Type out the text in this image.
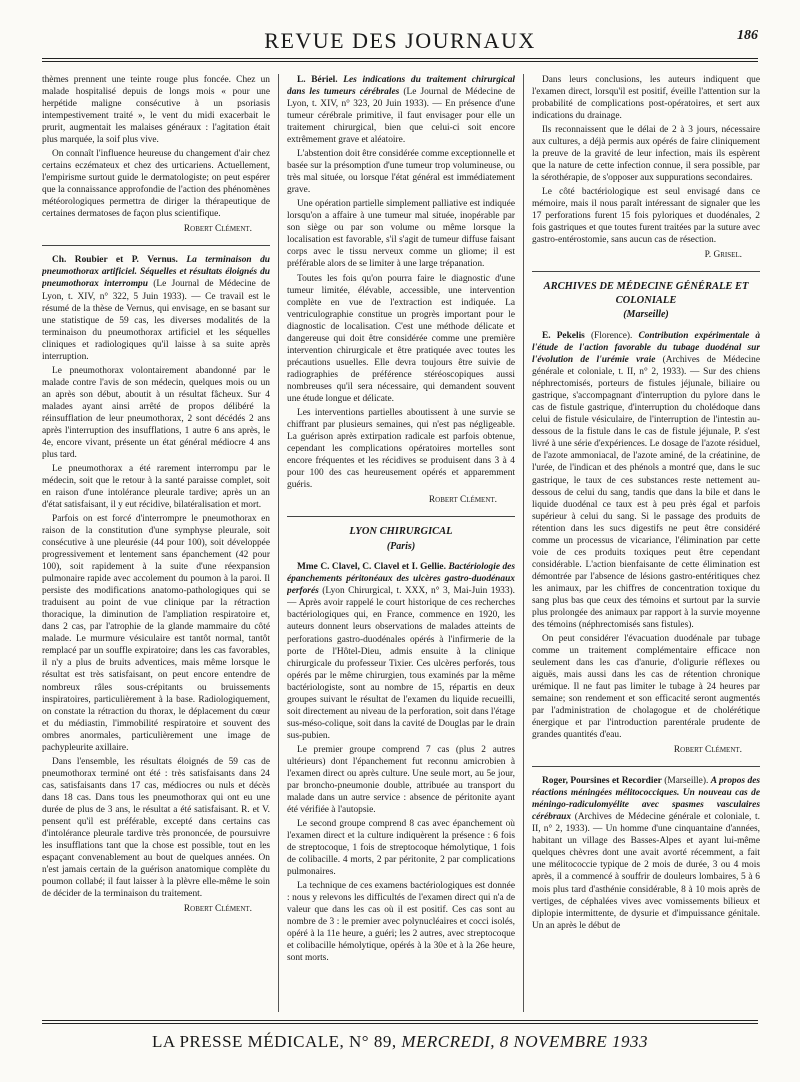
REVUE DES JOURNAUX	186

thèmes prennent une teinte rouge plus foncée. Chez un malade hospitalisé depuis de longs mois « pour une herpétide maligne consécutive à un psoriasis intempestivement traité », le vent du midi exacerbait le prurit, augmentait les malaises généraux : l'agitation était plus marquée, la soif plus vive.

On connaît l'influence heureuse du changement d'air chez certains eczémateux et chez des urticariens. Actuellement, l'empirisme surtout guide le dermatologiste; on peut espérer que la connaissance approfondie de l'action des phénomènes météorologiques permettra de diriger la thérapeutique de certaines dermatoses de façon plus scientifique.

Robert Clément.

Ch. Roubier et P. Vernus. La terminaison du pneumothorax artificiel. Séquelles et résultats éloignés du pneumothorax interrompu (Le Journal de Médecine de Lyon, t. XIV, n° 322, 5 Juin 1933). — Ce travail est le résumé de la thèse de Vernus, qui envisage, en se basant sur une statistique de 59 cas, les diverses modalités de la terminaison du pneumothorax artificiel et les séquelles cliniques et radiologiques qu'il laisse à sa suite après interruption.

Le pneumothorax volontairement abandonné par le malade contre l'avis de son médecin, quelques mois ou un an après son début, aboutit à un résultat fâcheux. Sur 4 malades ayant ainsi arrêté de propos délibéré la réinsufflation de leur pneumothorax, 2 sont décédés 2 ans après l'interruption des insufflations, 1 autre 6 ans après, le 4e, encore vivant, présente un état général médiocre 4 ans plus tard.

Le pneumothorax a été rarement interrompu par le médecin, soit que le retour à la santé paraisse complet, soit en raison d'une intolérance pleurale tardive; après un an d'état satisfaisant, il y eut récidive, bilatéralisation et mort.

Parfois on est forcé d'interrompre le pneumothorax en raison de la constitution d'une symphyse pleurale, soit consécutive à une pleurésie (44 pour 100), soit développée progressivement et lentement sans épanchement (42 pour 100), soit rapidement à la suite d'une réexpansion pulmonaire rapide avec accolement du poumon à la paroi. Il persiste des modifications anatomo-pathologiques qui se traduisent au point de vue clinique par la rétraction thoracique, la diminution de l'ampliation respiratoire et, dans 2 cas, par l'atrophie de la glande mammaire du côté malade. Le murmure vésiculaire est tantôt normal, tantôt remplacé par un souffle expiratoire; dans les cas favorables, il n'y a plus de bruits adventices, mais même lorsque le résultat est très satisfaisant, on peut encore entendre de nombreux râles sous-crépitants ou bruissements inspiratoires, particulièrement à la base. Radiologiquement, on constate la rétraction du thorax, le déplacement du cœur et du médiastin, l'immobilité respiratoire et souvent des ombres anormales, particulièrement une image de pachypleurite axillaire.

Dans l'ensemble, les résultats éloignés de 59 cas de pneumothorax terminé ont été : très satisfaisants dans 24 cas, satisfaisants dans 17 cas, médiocres ou nuls et décès dans 18 cas. Dans tous les pneumothorax qui ont eu une durée de plus de 3 ans, le résultat a été satisfaisant. R. et V. pensent qu'il est préférable, excepté dans certains cas d'intolérance pleurale tardive très prononcée, de poursuivre les insufflations tant que la chose est possible, tout en les espaçant convenablement au bout de quelques années. On n'est jamais certain de la guérison anatomique complète du poumon collabé; il faut laisser à la plèvre elle-même le soin de décider de la terminaison du traitement.

Robert Clément.

L. Bériel. Les indications du traitement chirurgical dans les tumeurs cérébrales (Le Journal de Médecine de Lyon, t. XIV, n° 323, 20 Juin 1933). — En présence d'une tumeur cérébrale primitive, il faut envisager pour elle un traitement chirurgical, bien que celui-ci soit encore extrêmement grave et aléatoire.

L'abstention doit être considérée comme exceptionnelle et basée sur la présomption d'une tumeur trop volumineuse, ou très mal située, ou lorsque l'état général est immédiatement grave.

Une opération partielle simplement palliative est indiquée lorsqu'on a affaire à une tumeur mal située, inopérable par son siège ou par son volume ou même lorsque la localisation est favorable, s'il s'agit de tumeur diffuse faisant corps avec le tissu nerveux comme un gliome; il est préférable alors de se limiter à une large trépanation.

Toutes les fois qu'on pourra faire le diagnostic d'une tumeur limitée, élévable, accessible, une intervention complète en vue de l'extraction est indiquée. La ventriculographie constitue un progrès important pour le diagnostic de localisation. C'est une méthode délicate et dangereuse qui doit être considérée comme une première intervention chirurgicale et être pratiquée avec toutes les précautions usuelles. Elle devra toujours être suivie de radiographies de préférence stéréoscopiques aussi nombreuses qu'il sera nécessaire, qui demandent souvent une étude longue et délicate.

Les interventions partielles aboutissent à une survie se chiffrant par plusieurs semaines, qui n'est pas négligeable. La guérison après extirpation radicale est parfois obtenue, cependant les complications opératoires mortelles sont encore fréquentes et les récidives se produisent dans 3 à 4 pour 100 des cas heureusement opérés et apparemment guéris.

Robert Clément.
LYON CHIRURGICAL
(Paris)

Mme C. Clavel, C. Clavel et I. Gellie. Bactériologie des épanchements péritonéaux des ulcères gastro-duodénaux perforés (Lyon Chirurgical, t. XXX, n° 3, Mai-Juin 1933). — Après avoir rappelé le court historique de ces recherches bactériologiques qui, en France, commence en 1920, les auteurs donnent leurs observations de malades atteints de perforations gastro-duodénales opérés à l'infirmerie de la porte de l'Hôtel-Dieu, admis ensuite à la clinique chirurgicale du professeur Tixier. Ces ulcères perforés, tous opérés par le même chirurgien, tous examinés par la même bactériologiste, sont au nombre de 15, répartis en deux groupes suivant le résultat de l'examen du liquide recueilli, soit directement au niveau de la perforation, soit dans l'étage sus-méso-colique, soit dans la cavité de Douglas par le drain sus-pubien.

Le premier groupe comprend 7 cas (plus 2 autres ultérieurs) dont l'épanchement fut reconnu amicrobien à l'examen direct ou après culture. Une seule mort, au 5e jour, par broncho-pneumonie double, attribuée au transport du malade dans un autre service : absence de péritonite ayant été vérifiée à l'autopsie.

Le second groupe comprend 8 cas avec épanchement où l'examen direct et la culture indiquèrent la présence : 6 fois de streptocoque, 1 fois de streptocoque hémolytique, 1 fois de colibacille. 4 morts, 2 par péritonite, 2 par complications pulmonaires.

La technique de ces examens bactériologiques est donnée : nous y relevons les difficultés de l'examen direct qui n'a de valeur que dans les cas où il est positif. Ces cas sont au nombre de 3 : le premier avec polynucléaires et cocci isolés, opéré à la 11e heure, a guéri; les 2 autres, avec streptocoque et colibacille hémolytique, opérés à la 30e et à la 26e heure, sont morts.

Dans leurs conclusions, les auteurs indiquent que l'examen direct, lorsqu'il est positif, éveille l'attention sur la probabilité de complications post-opératoires, et sert aux indications du drainage.

Ils reconnaissent que le délai de 2 à 3 jours, nécessaire aux cultures, a déjà permis aux opérés de faire cliniquement la preuve de la gravité de leur infection, mais ils espèrent que la nature de cette infection connue, il sera possible, par la sérothérapie, de s'opposer aux suppurations secondaires.

Le côté bactériologique est seul envisagé dans ce mémoire, mais il nous paraît intéressant de signaler que les 17 perforations furent 15 fois pyloriques et duodénales, 2 fois gastriques et que toutes furent traitées par la suture avec gastro-entérostomie, sans aucun cas de résection.

P. Grisel.
ARCHIVES DE MÉDECINE GÉNÉRALE ET COLONIALE
(Marseille)

E. Pekelis (Florence). Contribution expérimentale à l'étude de l'action favorable du tubage duodénal sur l'évolution de l'urémie vraie (Archives de Médecine générale et coloniale, t. II, n° 2, 1933). — Sur des chiens néphrectomisés, porteurs de fistules jéjunale, biliaire ou gastrique, s'accompagnant d'interruption du pylore dans le cas de fistule gastrique, d'interruption du cholédoque dans celui de fistule vésiculaire, de l'interruption de l'intestin au-dessous de la fistule dans le cas de fistule jéjunale, P. s'est livré à une série d'expériences. Le dosage de l'azote résiduel, de l'azote ammoniacal, de l'azote aminé, de la créatinine, de l'urée, de l'indican et des phénols a montré que, dans le suc gastrique, le taux de ces substances reste nettement au-dessous de celui du sang, tandis que dans la bile et dans le liquide duodénal ce taux est à peu près égal et parfois supérieur à celui du sang. Si le passage des produits de rétention dans les sucs digestifs ne peut être considéré comme un processus de vicariance, l'élimination par cette voie de ces produits toxiques peut être cependant considérable. L'action bienfaisante de cette élimination est démontrée par l'absence de lésions gastro-entéritiques chez les animaux, par les chiffres de concentration toxique du sang plus bas que ceux des témoins et surtout par la survie plus prolongée des animaux par rapport à la survie moyenne des témoins (néphrectomisés sans fistules).

On peut considérer l'évacuation duodénale par tubage comme un traitement complémentaire efficace non seulement dans les cas d'anurie, d'oligurie réflexes ou aiguës, mais aussi dans les cas de rétention chronique urémique. Il ne faut pas limiter le tubage à 24 heures par semaine; son rendement et son efficacité seront augmentés par l'administration de cholagogue et de cholérétique énergique et par l'introduction parentérale prudente de grandes quantités d'eau.

Robert Clément.

Roger, Poursines et Recordier (Marseille). A propos des réactions méningées mélitococciques. Un nouveau cas de méningo-radiculomyélite avec spasmes vasculaires cérébraux (Archives de Médecine générale et coloniale, t. II, n° 2, 1933). — Un homme d'une cinquantaine d'années, habitant un village des Basses-Alpes et ayant lui-même quelques chèvres dont une avait avorté récemment, a fait une mélitococcie typique de 2 mois de durée, 3 ou 4 mois après, il a commencé à souffrir de douleurs lombaires, 5 à 6 mois plus tard d'asthénie considérable, 8 à 10 mois après de vertiges, de céphalées vives avec vomissements bilieux et diplopie intermittente, de dysurie et d'impuissance génitale. Un an après le début de

LA PRESSE MÉDICALE, N° 89, MERCREDI, 8 NOVEMBRE 1933
